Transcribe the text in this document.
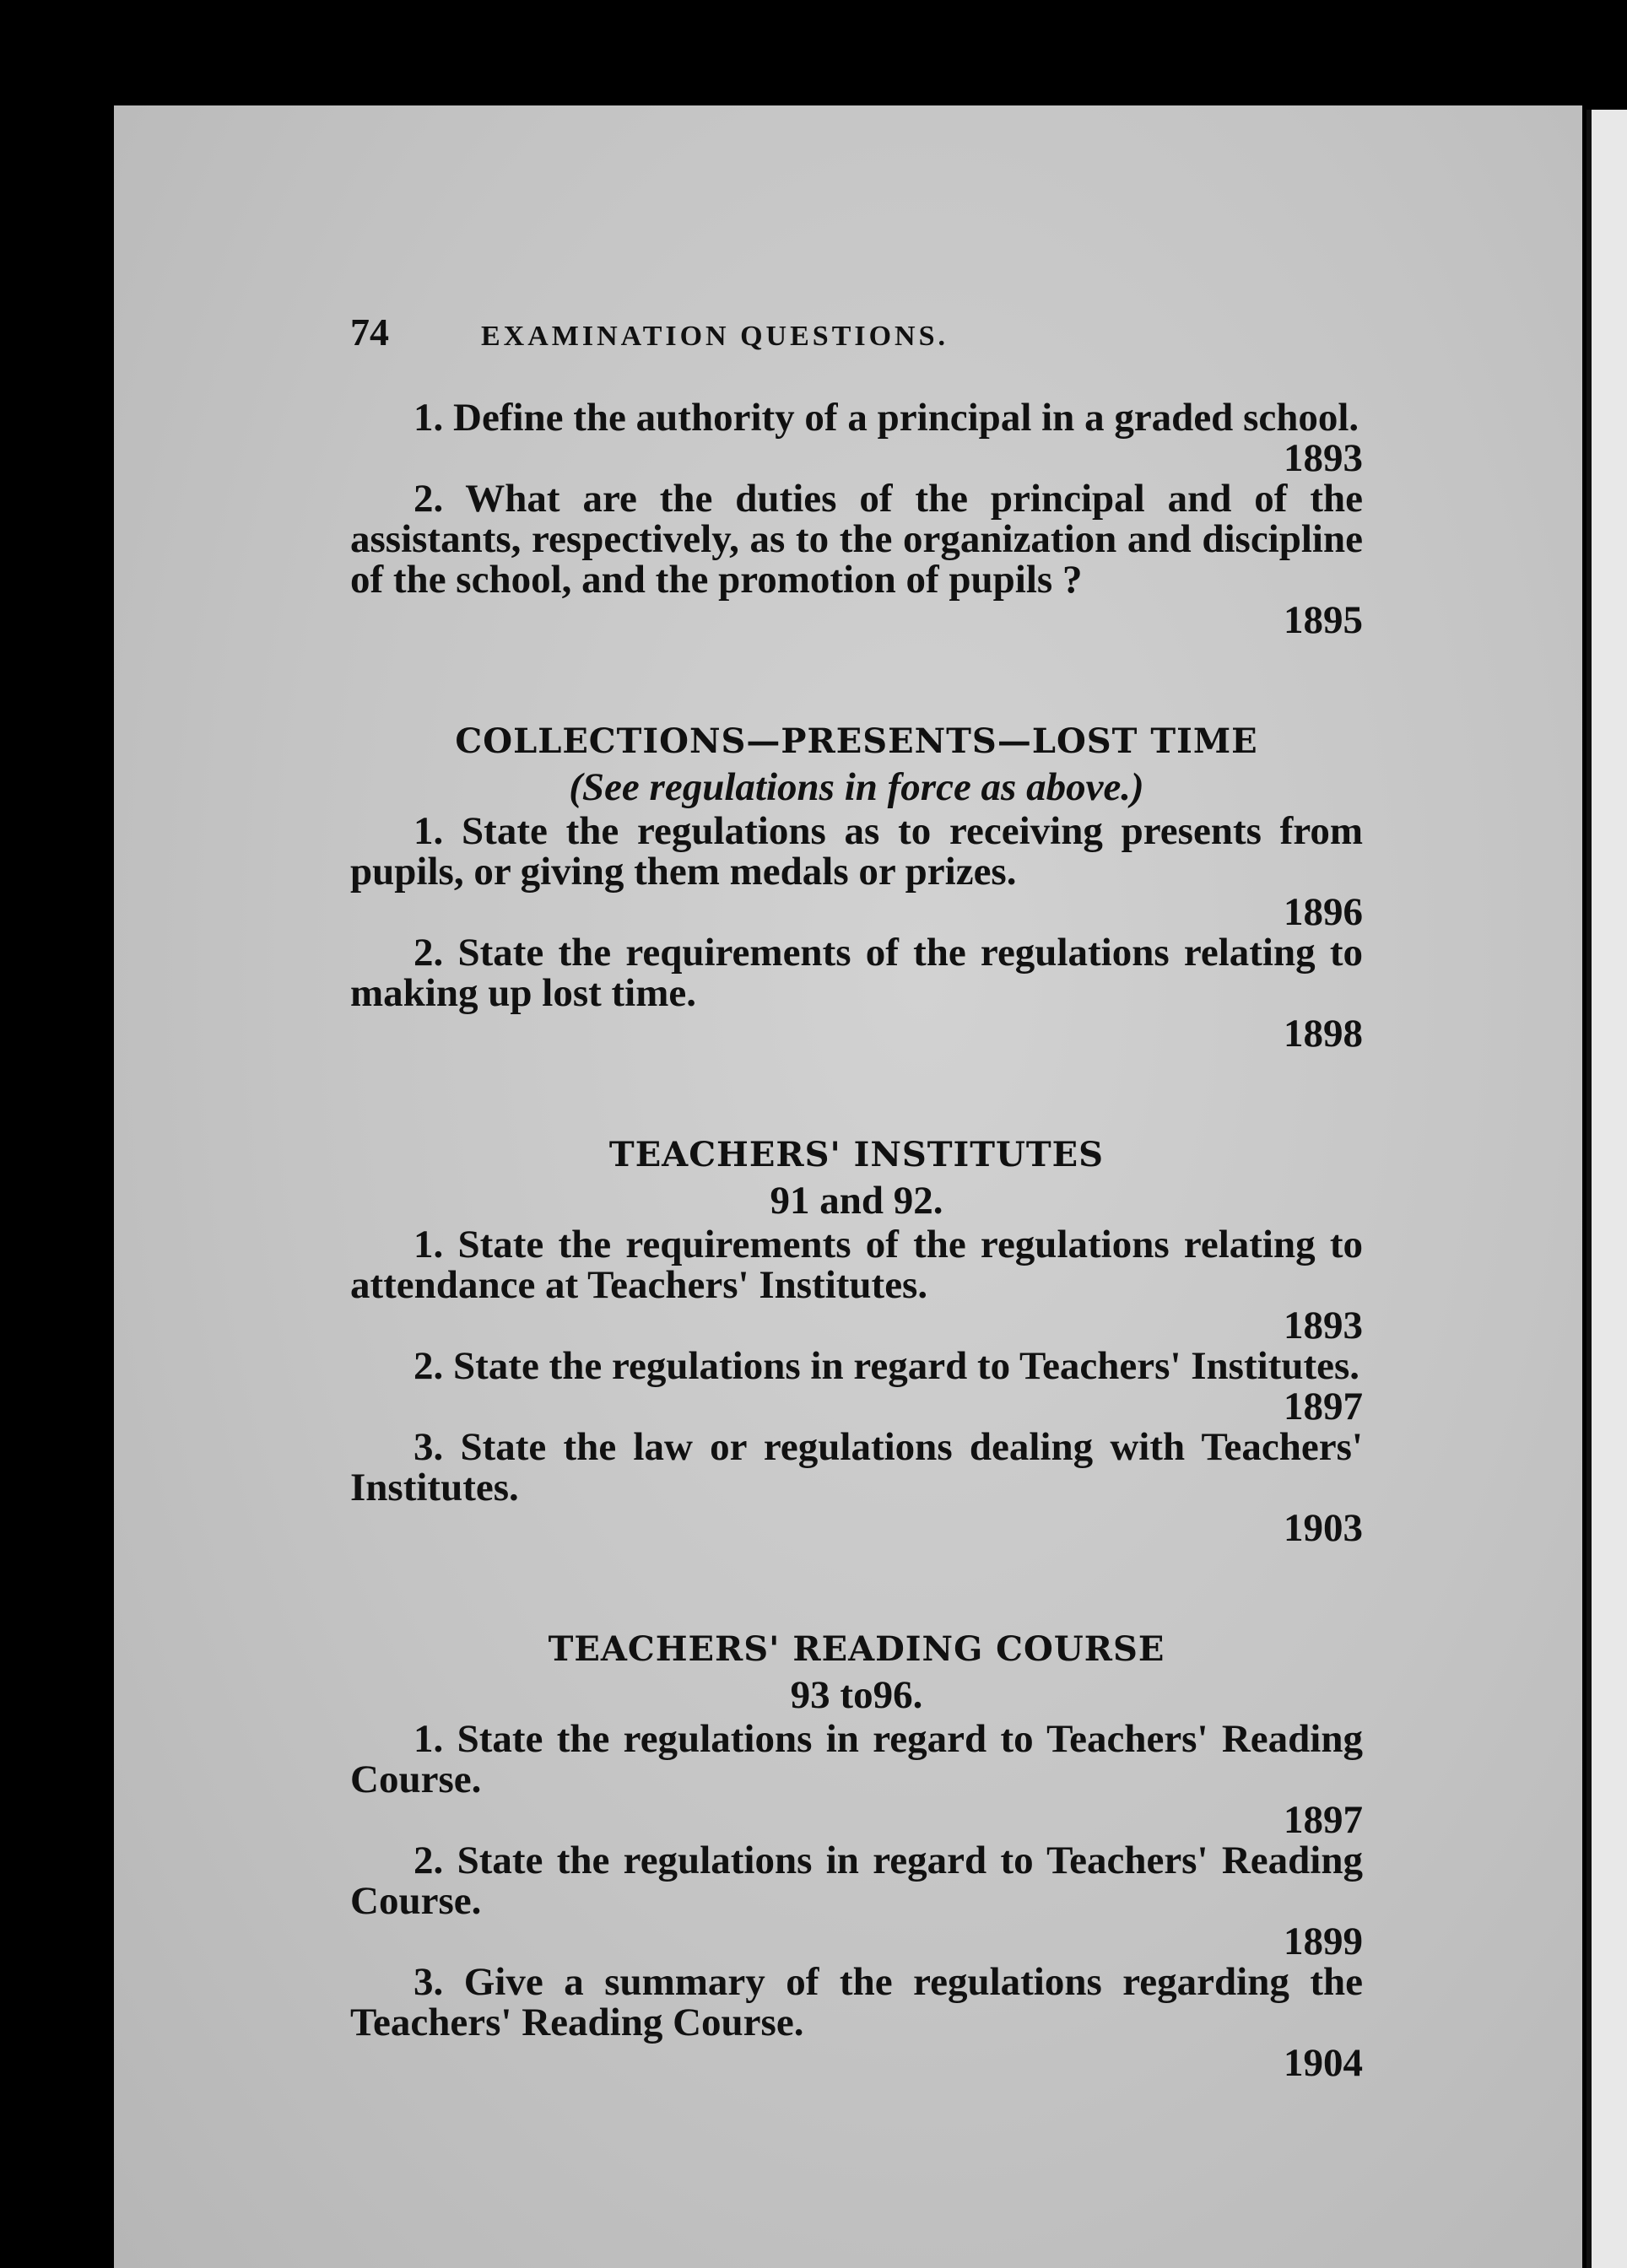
74	EXAMINATION QUESTIONS.

1. Define the authority of a principal in a graded school.

1893

2. What are the duties of the principal and of the assistants, respectively, as to the organization and discipline of the school, and the promotion of pupils ?

1895
COLLECTIONS—PRESENTS—LOST TIME
(See regulations in force as above.)

1. State the regulations as to receiving presents from pupils, or giving them medals or prizes.

1896

2. State the requirements of the regulations relating to making up lost time.

1898
TEACHERS' INSTITUTES
91 and 92.

1. State the requirements of the regulations relating to attendance at Teachers' Institutes.

1893

2. State the regulations in regard to Teachers' Institutes.

1897

3. State the law or regulations dealing with Teachers' Institutes.

1903
TEACHERS' READING COURSE
93 to96.

1. State the regulations in regard to Teachers' Reading Course.

1897

2. State the regulations in regard to Teachers' Reading Course.

1899

3. Give a summary of the regulations regarding the Teachers' Reading Course.

1904
